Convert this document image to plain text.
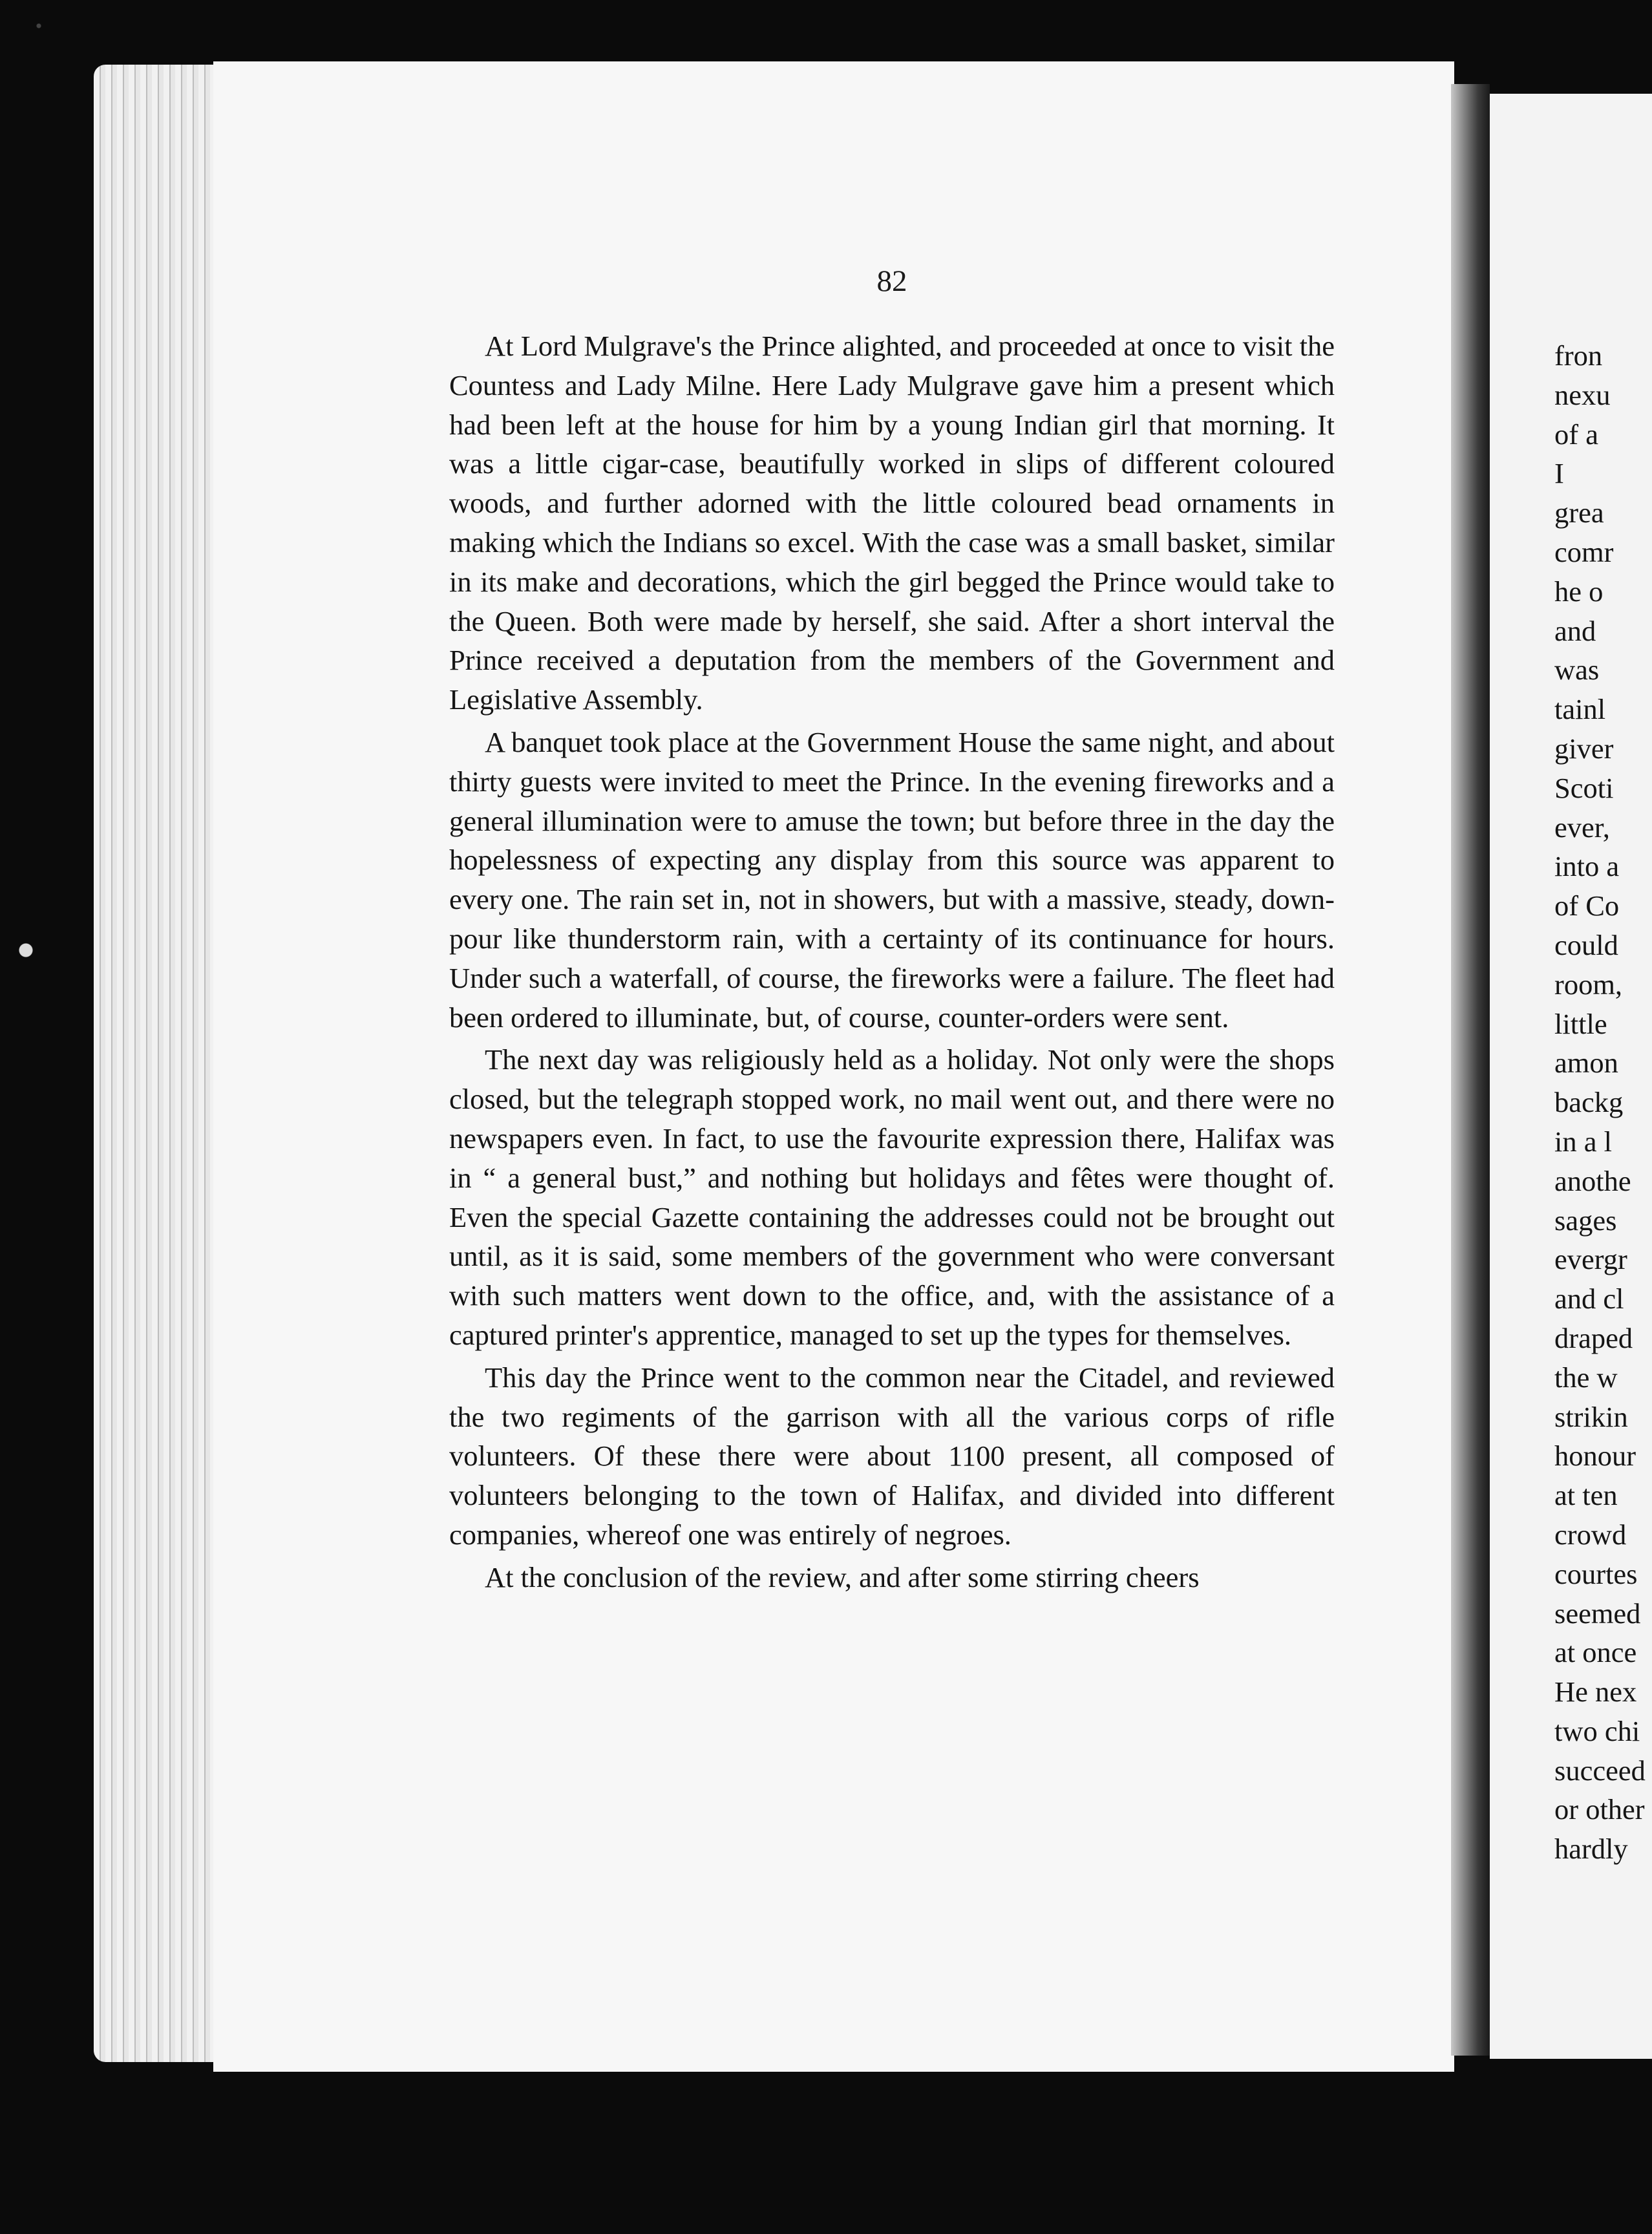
82

At Lord Mulgrave's the Prince alighted, and proceeded at once to visit the Countess and Lady Milne. Here Lady Mulgrave gave him a present which had been left at the house for him by a young Indian girl that morning. It was a little cigar-case, beautifully worked in slips of different coloured woods, and further adorned with the little coloured bead ornaments in making which the Indians so excel. With the case was a small basket, similar in its make and decorations, which the girl begged the Prince would take to the Queen. Both were made by herself, she said. After a short interval the Prince received a deputation from the members of the Government and Legislative Assembly.

A banquet took place at the Government House the same night, and about thirty guests were invited to meet the Prince. In the evening fireworks and a general illumination were to amuse the town; but before three in the day the hopelessness of expecting any display from this source was apparent to every one. The rain set in, not in showers, but with a massive, steady, down-pour like thunderstorm rain, with a certainty of its continuance for hours. Under such a waterfall, of course, the fireworks were a failure. The fleet had been ordered to illuminate, but, of course, counter-orders were sent.

The next day was religiously held as a holiday. Not only were the shops closed, but the telegraph stopped work, no mail went out, and there were no newspapers even. In fact, to use the favourite expression there, Halifax was in “ a general bust,” and nothing but holidays and fêtes were thought of. Even the special Gazette containing the addresses could not be brought out until, as it is said, some members of the government who were conversant with such matters went down to the office, and, with the assistance of a captured printer's apprentice, managed to set up the types for themselves.

This day the Prince went to the common near the Citadel, and reviewed the two regiments of the garrison with all the various corps of rifle volunteers. Of these there were about 1100 present, all composed of volunteers belonging to the town of Halifax, and divided into different companies, whereof one was entirely of negroes.

At the conclusion of the review, and after some stirring cheers

fron
nexu
of a
I
grea
comr
he o
and
was
tainl
giver
Scoti
ever,
into a
of Co
could
room,
little
amon
backg
in a l
anothe
sages
evergr
and cl
draped
the w
strikin
honour
at ten
crowd
courtes
seemed
at once
He nex
two chi
succeed
or other
hardly
